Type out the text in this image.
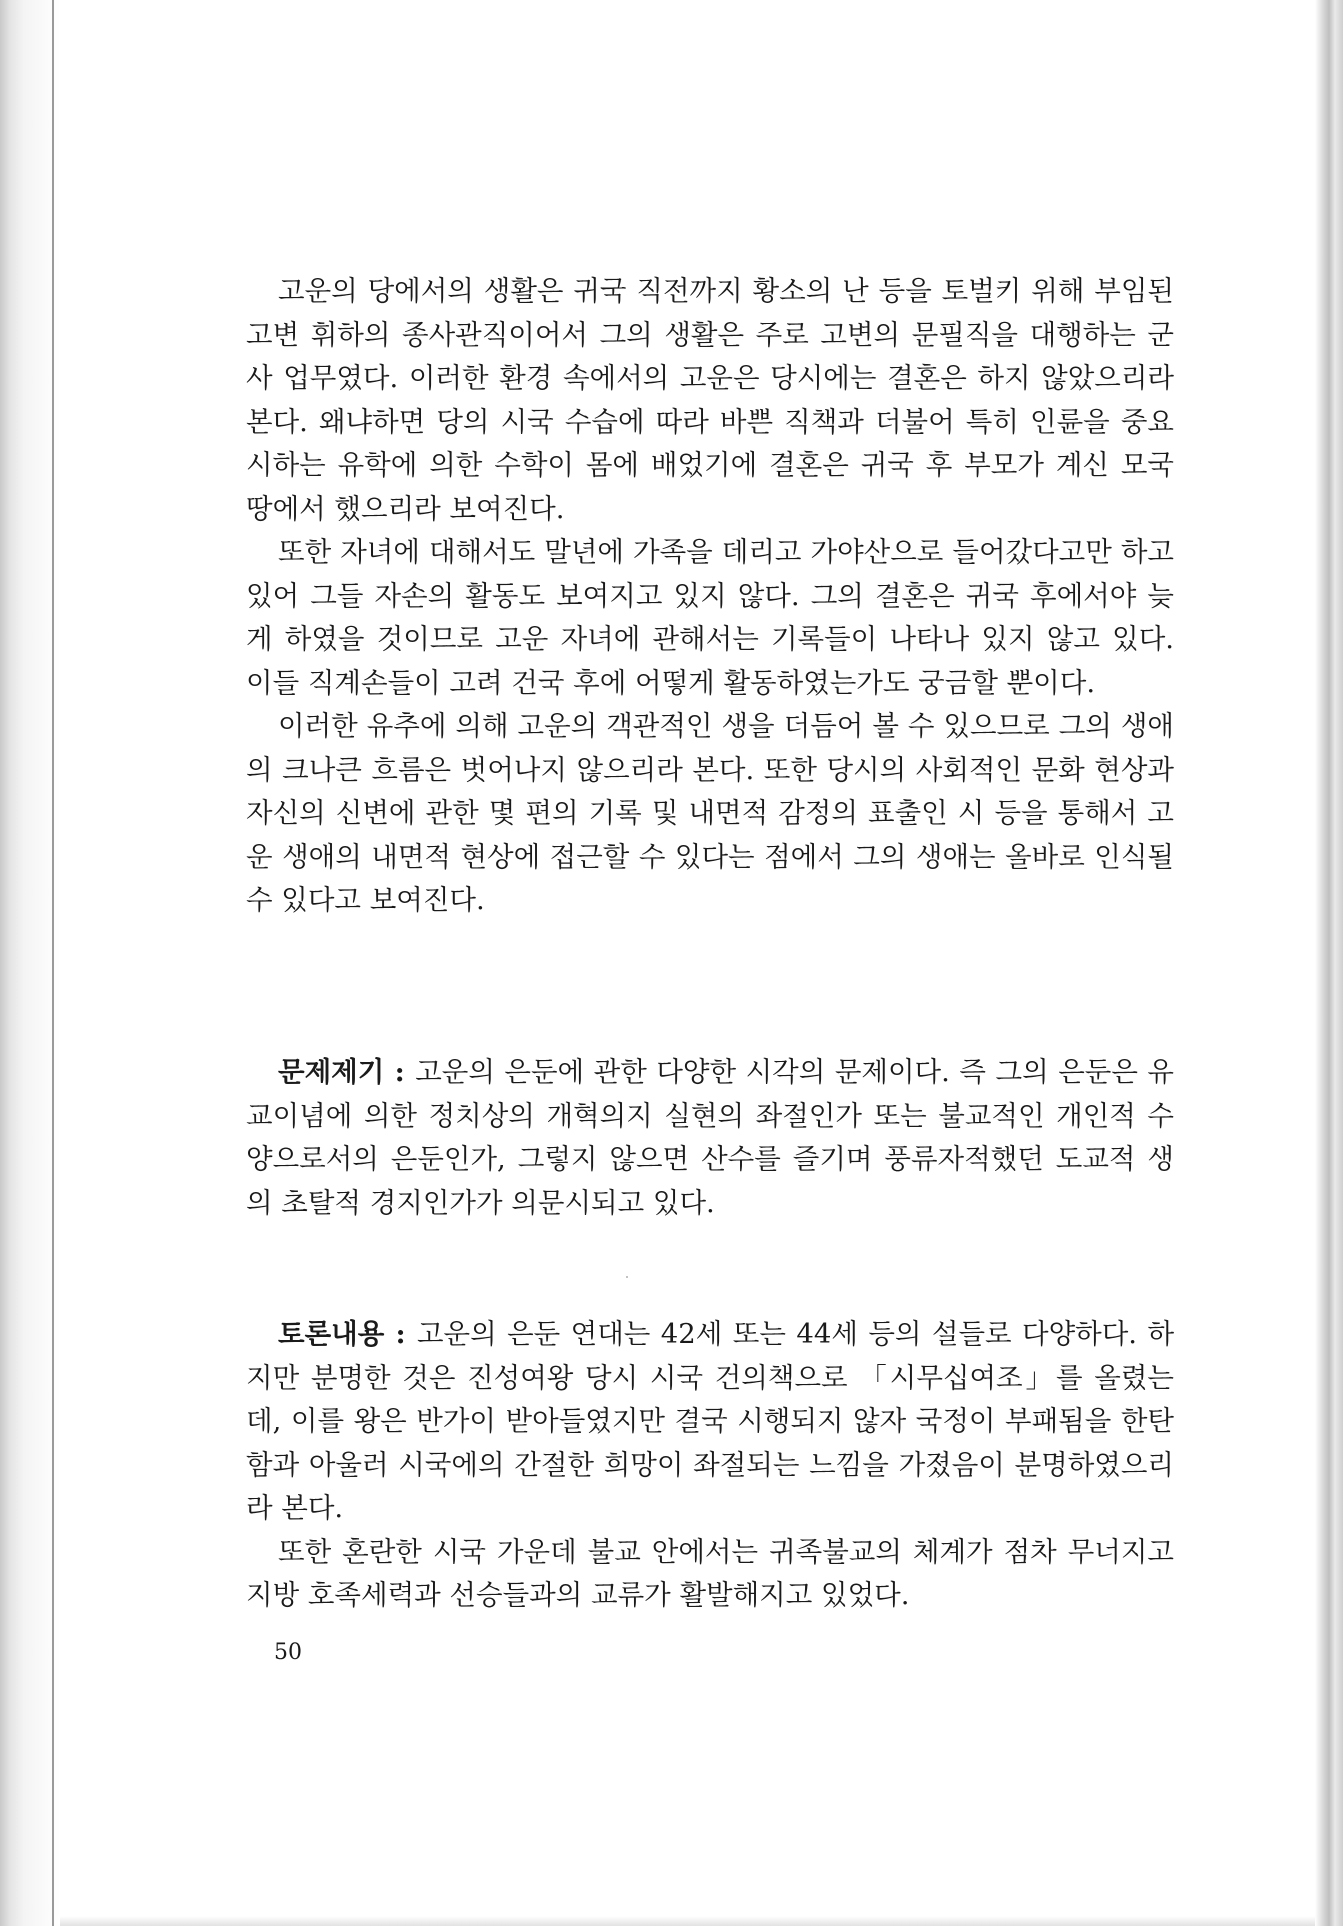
고운의 당에서의 생활은 귀국 직전까지 황소의 난 등을 토벌키 위해 부임된 고변 휘하의 종사관직이어서 그의 생활은 주로 고변의 문필직을 대행하는 군사 업무였다. 이러한 환경 속에서의 고운은 당시에는 결혼은 하지 않았으리라 본다. 왜냐하면 당의 시국 수습에 따라 바쁜 직책과 더불어 특히 인륜을 중요시하는 유학에 의한 수학이 몸에 배었기에 결혼은 귀국 후 부모가 계신 모국 땅에서 했으리라 보여진다.

또한 자녀에 대해서도 말년에 가족을 데리고 가야산으로 들어갔다고만 하고 있어 그들 자손의 활동도 보여지고 있지 않다. 그의 결혼은 귀국 후에서야 늦게 하였을 것이므로 고운 자녀에 관해서는 기록들이 나타나 있지 않고 있다. 이들 직계손들이 고려 건국 후에 어떻게 활동하였는가도 궁금할 뿐이다.

이러한 유추에 의해 고운의 객관적인 생을 더듬어 볼 수 있으므로 그의 생애의 크나큰 흐름은 벗어나지 않으리라 본다. 또한 당시의 사회적인 문화 현상과 자신의 신변에 관한 몇 편의 기록 및 내면적 감정의 표출인 시 등을 통해서 고운 생애의 내면적 현상에 접근할 수 있다는 점에서 그의 생애는 올바로 인식될 수 있다고 보여진다.

문제제기 : 고운의 은둔에 관한 다양한 시각의 문제이다. 즉 그의 은둔은 유교이념에 의한 정치상의 개혁의지 실현의 좌절인가 또는 불교적인 개인적 수양으로서의 은둔인가, 그렇지 않으면 산수를 즐기며 풍류자적했던 도교적 생의 초탈적 경지인가가 의문시되고 있다.

토론내용 : 고운의 은둔 연대는 42세 또는 44세 등의 설들로 다양하다. 하지만 분명한 것은 진성여왕 당시 시국 건의책으로 「시무십여조」를 올렸는데, 이를 왕은 반가이 받아들였지만 결국 시행되지 않자 국정이 부패됨을 한탄함과 아울러 시국에의 간절한 희망이 좌절되는 느낌을 가졌음이 분명하였으리라 본다.

또한 혼란한 시국 가운데 불교 안에서는 귀족불교의 체계가 점차 무너지고 지방 호족세력과 선승들과의 교류가 활발해지고 있었다.

50
